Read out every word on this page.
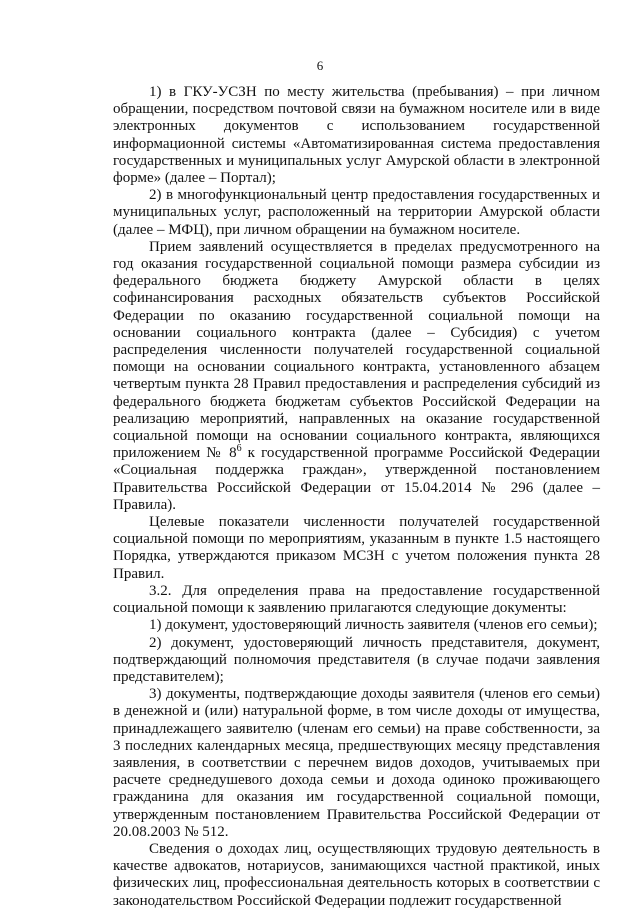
6

1) в ГКУ-УСЗН по месту жительства (пребывания) – при личном обращении, посредством почтовой связи на бумажном носителе или в виде электронных документов с использованием государственной информационной системы «Автоматизированная система предоставления государственных и муниципальных услуг Амурской области в электронной форме» (далее – Портал);

2) в многофункциональный центр предоставления государственных и муниципальных услуг, расположенный на территории Амурской области (далее – МФЦ), при личном обращении на бумажном носителе.

Прием заявлений осуществляется в пределах предусмотренного на год оказания государственной социальной помощи размера субсидии из федерального бюджета бюджету Амурской области в целях софинансирования расходных обязательств субъектов Российской Федерации по оказанию государственной социальной помощи на основании социального контракта (далее – Субсидия) с учетом распределения численности получателей государственной социальной помощи на основании социального контракта, установленного абзацем четвертым пункта 28 Правил предоставления и распределения субсидий из федерального бюджета бюджетам субъектов Российской Федерации на реализацию мероприятий, направленных на оказание государственной социальной помощи на основании социального контракта, являющихся приложением № $8^6$ к государственной программе Российской Федерации «Социальная поддержка граждан», утвержденной постановлением Правительства Российской Федерации от 15.04.2014 № 296 (далее – Правила).

Целевые показатели численности получателей государственной социальной помощи по мероприятиям, указанным в пункте 1.5 настоящего Порядка, утверждаются приказом МСЗН с учетом положения пункта 28 Правил.

3.2. Для определения права на предоставление государственной социальной помощи к заявлению прилагаются следующие документы:

1) документ, удостоверяющий личность заявителя (членов его семьи);

2) документ, удостоверяющий личность представителя, документ, подтверждающий полномочия представителя (в случае подачи заявления представителем);

3) документы, подтверждающие доходы заявителя (членов его семьи) в денежной и (или) натуральной форме, в том числе доходы от имущества, принадлежащего заявителю (членам его семьи) на праве собственности, за 3 последних календарных месяца, предшествующих месяцу представления заявления, в соответствии с перечнем видов доходов, учитываемых при расчете среднедушевого дохода семьи и дохода одиноко проживающего гражданина для оказания им государственной социальной помощи, утвержденным постановлением Правительства Российской Федерации от 20.08.2003 № 512.

Сведения о доходах лиц, осуществляющих трудовую деятельность в качестве адвокатов, нотариусов, занимающихся частной практикой, иных физических лиц, профессиональная деятельность которых в соответствии с законодательством Российской Федерации подлежит государственной
